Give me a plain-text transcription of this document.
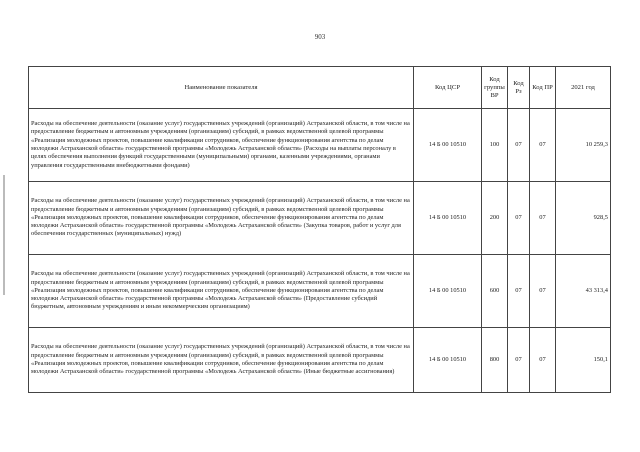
903
Наименование показателя	Код ЦСР	Код группы ВР	Код Рз	Код ПР	2021 год
Расходы на обеспечение деятельности (оказание услуг) государственных учреждений (организаций) Астраханской области, в том числе на предоставление бюджетным и автономным учреждениям (организациям) субсидий, в рамках ведомственной целевой программы «Реализация молодежных проектов, повышение квалификации сотрудников, обеспечение функционирования агентства по делам молодежи Астраханской области» государственной программы «Молодежь Астраханской области» (Расходы на выплаты персоналу в целях обеспечения выполнения функций государственными (муниципальными) органами, казенными учреждениями, органами управления государственными внебюджетными фондами)	14 Б 00 10510	100	07	07	10 259,3
Расходы на обеспечение деятельности (оказание услуг) государственных учреждений (организаций) Астраханской области, в том числе на предоставление бюджетным и автономным учреждениям (организациям) субсидий, в рамках ведомственной целевой программы «Реализация молодежных проектов, повышение квалификации сотрудников, обеспечение функционирования агентства по делам молодежи Астраханской области» государственной программы «Молодежь Астраханской области» (Закупка товаров, работ и услуг для обеспечения государственных (муниципальных) нужд)	14 Б 00 10510	200	07	07	928,5
Расходы на обеспечение деятельности (оказание услуг) государственных учреждений (организаций) Астраханской области, в том числе на предоставление бюджетным и автономным учреждениям (организациям) субсидий, в рамках ведомственной целевой программы «Реализация молодежных проектов, повышение квалификации сотрудников, обеспечение функционирования агентства по делам молодежи Астраханской области» государственной программы «Молодежь Астраханской области» (Предоставление субсидий бюджетным, автономным учреждениям и иным некоммерческим организациям)	14 Б 00 10510	600	07	07	43 313,4
Расходы на обеспечение деятельности (оказание услуг) государственных учреждений (организаций) Астраханской области, в том числе на предоставление бюджетным и автономным учреждениям (организациям) субсидий, в рамках ведомственной целевой программы «Реализация молодежных проектов, повышение квалификации сотрудников, обеспечение функционирования агентства по делам молодежи Астраханской области» государственной программы «Молодежь Астраханской области» (Иные бюджетные ассигнования)	14 Б 00 10510	800	07	07	150,1
